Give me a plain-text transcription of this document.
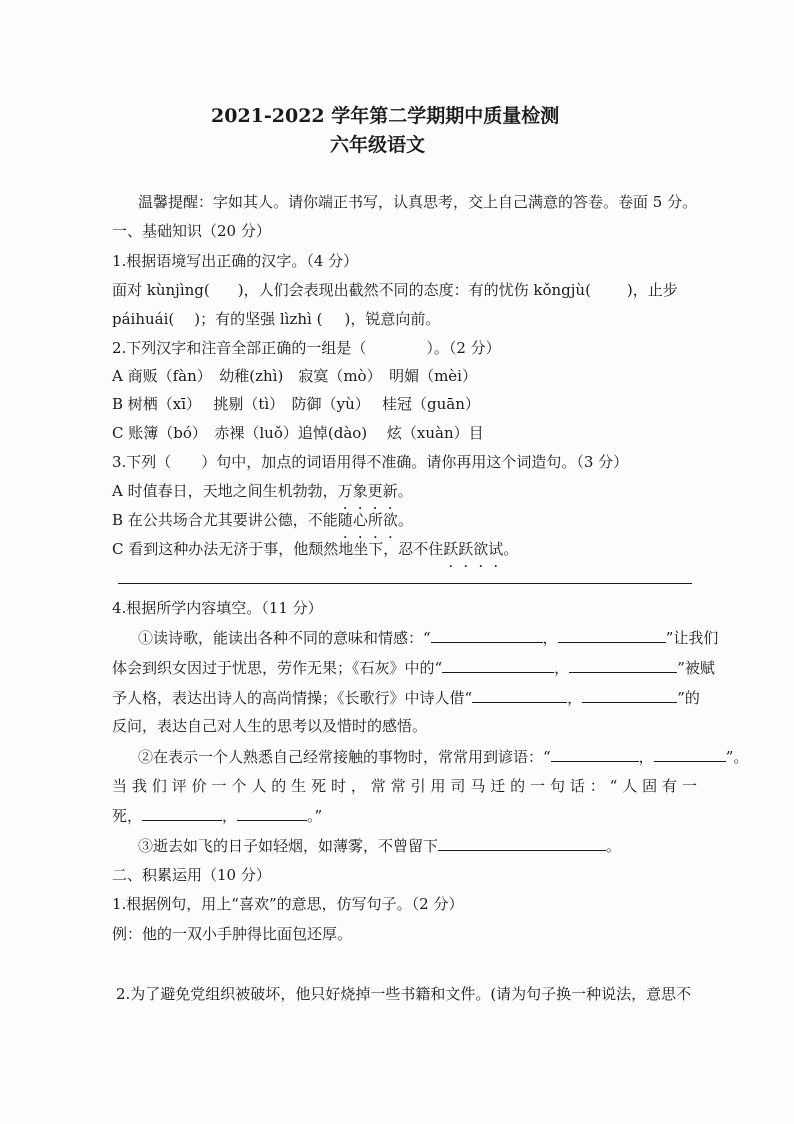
2021-2022 学年第二学期期中质量检测
六年级语文
温馨提醒：字如其人。请你端正书写，认真思考，交上自己满意的答卷。卷面 5 分。
一、基础知识（20 分）
1.根据语境写出正确的汉字。（4 分）
面对 kùnjìng( )，人们会表现出截然不同的态度：有的忧伤 kǒngjù( )，止步
páihuái( )；有的坚强 lìzhì ( )，锐意向前。
2.下列汉字和注音全部正确的一组是（　　　　）。（2 分）
A 商贩（fàn）　幼稚(zhì)　寂寞（mò）　明媚（mèi）
B 树栖（xī）　 挑剔（tì）　防御（yù）　 桂冠（guān）
C 账簿（bó）　赤裸（luǒ）追悼(dào)　 炫（xuàn）目
3.下列（　　）句中，加点的词语用得不准确。请你再用这个词造句。（3 分）
A 时值春日，天地之间生机勃勃，万象更新。
B 在公共场合尤其要讲公德，不能随心所欲。
C 看到这种办法无济于事，他颓然地坐下，忍不住跃跃欲试。
4.根据所学内容填空。（11 分）
①读诗歌，能读出各种不同的意味和情感：“	，	”让我们
体会到织女因过于忧思，劳作无果；《石灰》中的“	，	”被赋
予人格，表达出诗人的高尚情操；《长歌行》中诗人借“	，	”的
反问，表达自己对人生的思考以及惜时的感悟。
②在表示一个人熟悉自己经常接触的事物时，常常用到谚语：“	，	”。
当 我 们 评 价 一 个 人 的 生 死 时 ， 常 常 引 用 司 马 迁 的 一 句 话 ： “ 人 固 有 一
死，	，	。”
③逝去如飞的日子如轻烟，如薄雾，不曾留下	。
二、积累运用（10 分）
1.根据例句，用上“喜欢”的意思，仿写句子。（2 分）
例：他的一双小手肿得比面包还厚。
2.为了避免党组织被破坏，他只好烧掉一些书籍和文件。(请为句子换一种说法，意思不
